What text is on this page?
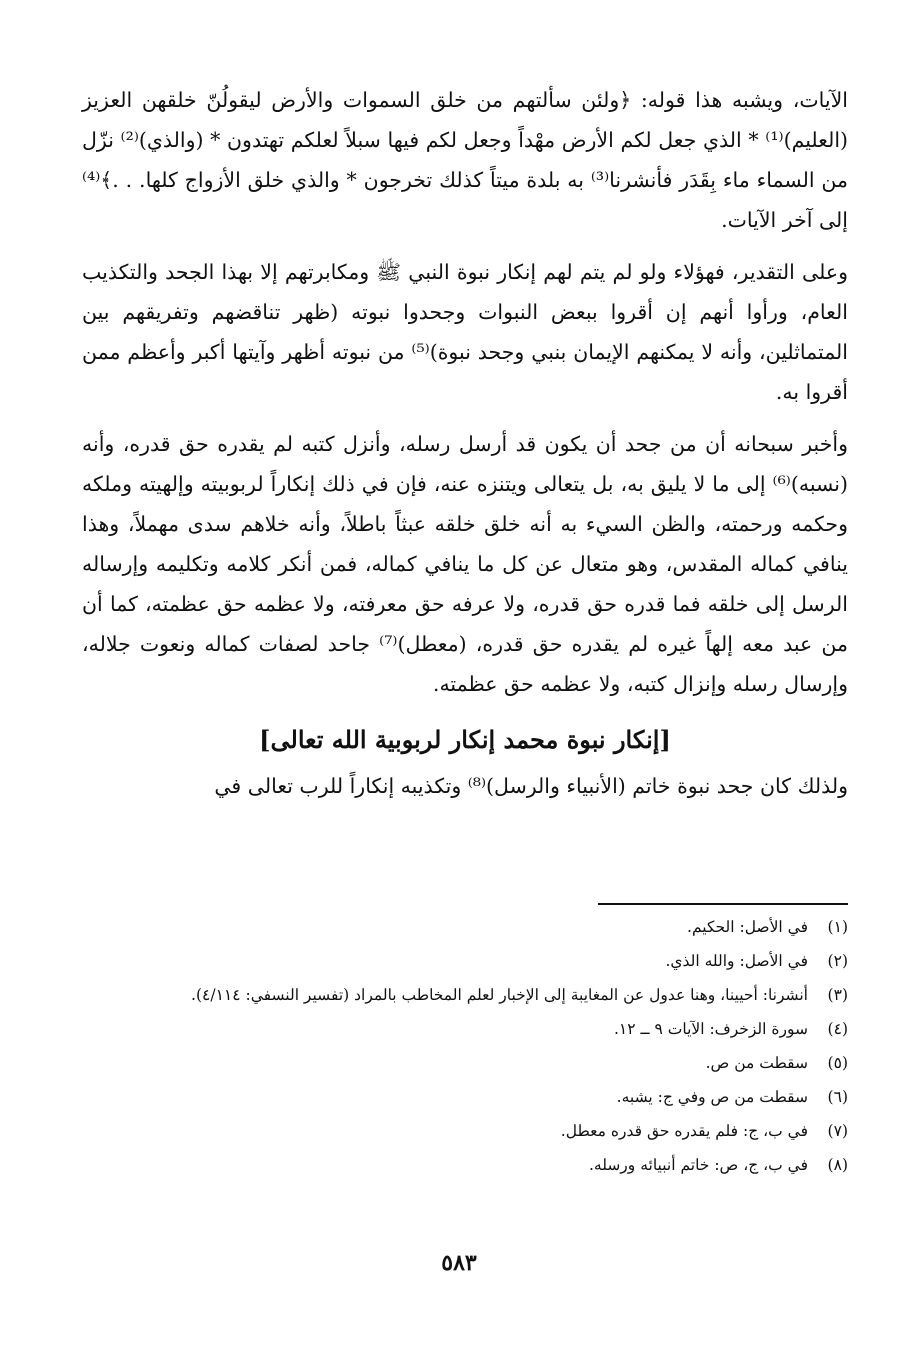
الآيات، ويشبه هذا قوله: ﴿ولئن سألتهم من خلق السموات والأرض ليقولُنّ خلقهن العزيز (العليم)⁽¹⁾ * الذي جعل لكم الأرض مهْداً وجعل لكم فيها سبلاً لعلكم تهتدون * (والذي)⁽²⁾ نزّل من السماء ماء بِقَدَر فأنشرنا⁽³⁾ به بلدة ميتاً كذلك تخرجون * والذي خلق الأزواج كلها. . .﴾⁽⁴⁾ إلى آخر الآيات.

وعلى التقدير، فهؤلاء ولو لم يتم لهم إنكار نبوة النبي ﷺ ومكابرتهم إلا بهذا الجحد والتكذيب العام، ورأوا أنهم إن أقروا ببعض النبوات وجحدوا نبوته (ظهر تناقضهم وتفريقهم بين المتماثلين، وأنه لا يمكنهم الإيمان بنبي وجحد نبوة)⁽⁵⁾ من نبوته أظهر وآيتها أكبر وأعظم ممن أقروا به.

وأخبر سبحانه أن من جحد أن يكون قد أرسل رسله، وأنزل كتبه لم يقدره حق قدره، وأنه (نسبه)⁽⁶⁾ إلى ما لا يليق به، بل يتعالى ويتنزه عنه، فإن في ذلك إنكاراً لربوبيته وإلهيته وملكه وحكمه ورحمته، والظن السيء به أنه خلق خلقه عبثاً باطلاً، وأنه خلاهم سدى مهملاً، وهذا ينافي كماله المقدس، وهو متعال عن كل ما ينافي كماله، فمن أنكر كلامه وتكليمه وإرساله الرسل إلى خلقه فما قدره حق قدره، ولا عرفه حق معرفته، ولا عظمه حق عظمته، كما أن من عبد معه إلهاً غيره لم يقدره حق قدره، (معطل)⁽⁷⁾ جاحد لصفات كماله ونعوت جلاله، وإرسال رسله وإنزال كتبه، ولا عظمه حق عظمته.

[إنكار نبوة محمد إنكار لربوبية الله تعالى]

ولذلك كان جحد نبوة خاتم (الأنبياء والرسل)⁽⁸⁾ وتكذيبه إنكاراً للرب تعالى في

(١)
في الأصل: الحكيم.
(٢)
في الأصل: والله الذي.
(٣)
أنشرنا: أحيينا، وهنا عدول عن المغايبة إلى الإخبار لعلم المخاطب بالمراد (تفسير النسفي: ٤/١١٤).
(٤)
سورة الزخرف: الآيات ٩ ــ ١٢.
(٥)
سقطت من ص.
(٦)
سقطت من ص وفي ج: يشبه.
(٧)
في ب، ج: فلم يقدره حق قدره معطل.
(٨)
في ب، ج، ص: خاتم أنبيائه ورسله.
٥٨٣
